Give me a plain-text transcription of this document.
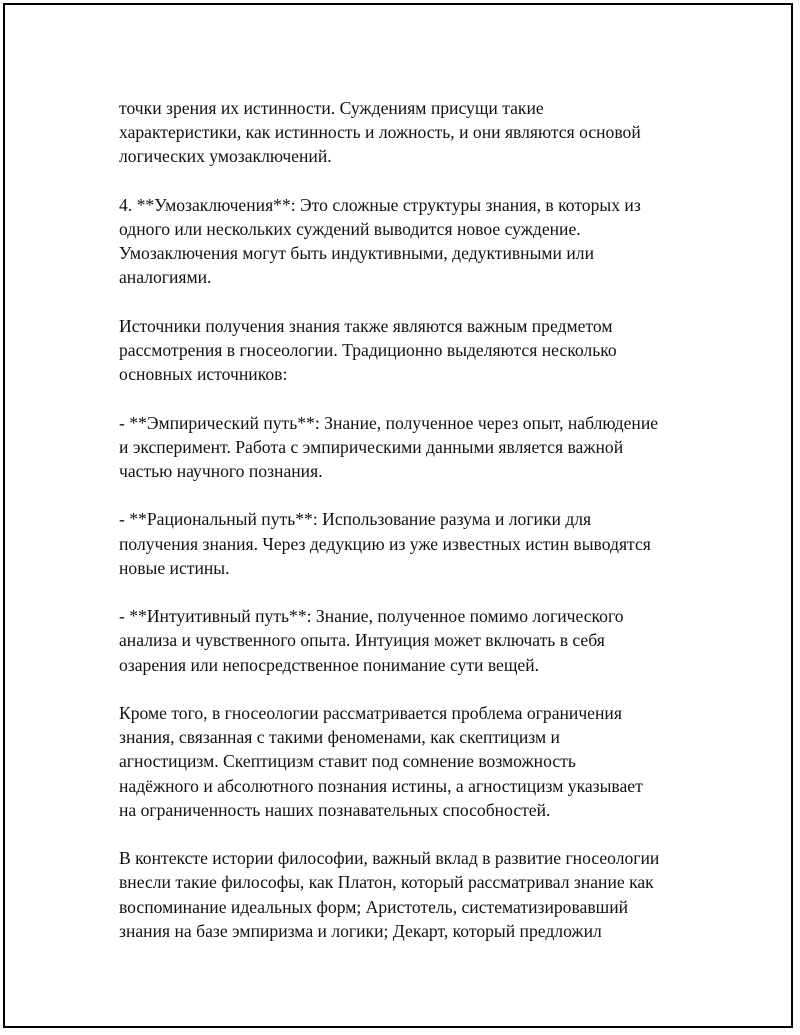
точки зрения их истинности. Суждениям присущи такие
характеристики, как истинность и ложность, и они являются основой
логических умозаключений.

4. **Умозаключения**: Это сложные структуры знания, в которых из
одного или нескольких суждений выводится новое суждение.
Умозаключения могут быть индуктивными, дедуктивными или
аналогиями.

Источники получения знания также являются важным предметом
рассмотрения в гносеологии. Традиционно выделяются несколько
основных источников:

- **Эмпирический путь**: Знание, полученное через опыт, наблюдение
и эксперимент. Работа с эмпирическими данными является важной
частью научного познания.

- **Рациональный путь**: Использование разума и логики для
получения знания. Через дедукцию из уже известных истин выводятся
новые истины.

- **Интуитивный путь**: Знание, полученное помимо логического
анализа и чувственного опыта. Интуиция может включать в себя
озарения или непосредственное понимание сути вещей.

Кроме того, в гносеологии рассматривается проблема ограничения
знания, связанная с такими феноменами, как скептицизм и
агностицизм. Скептицизм ставит под сомнение возможность
надёжного и абсолютного познания истины, а агностицизм указывает
на ограниченность наших познавательных способностей.

В контексте истории философии, важный вклад в развитие гносеологии
внесли такие философы, как Платон, который рассматривал знание как
воспоминание идеальных форм; Аристотель, систематизировавший
знания на базе эмпиризма и логики; Декарт, который предложил
